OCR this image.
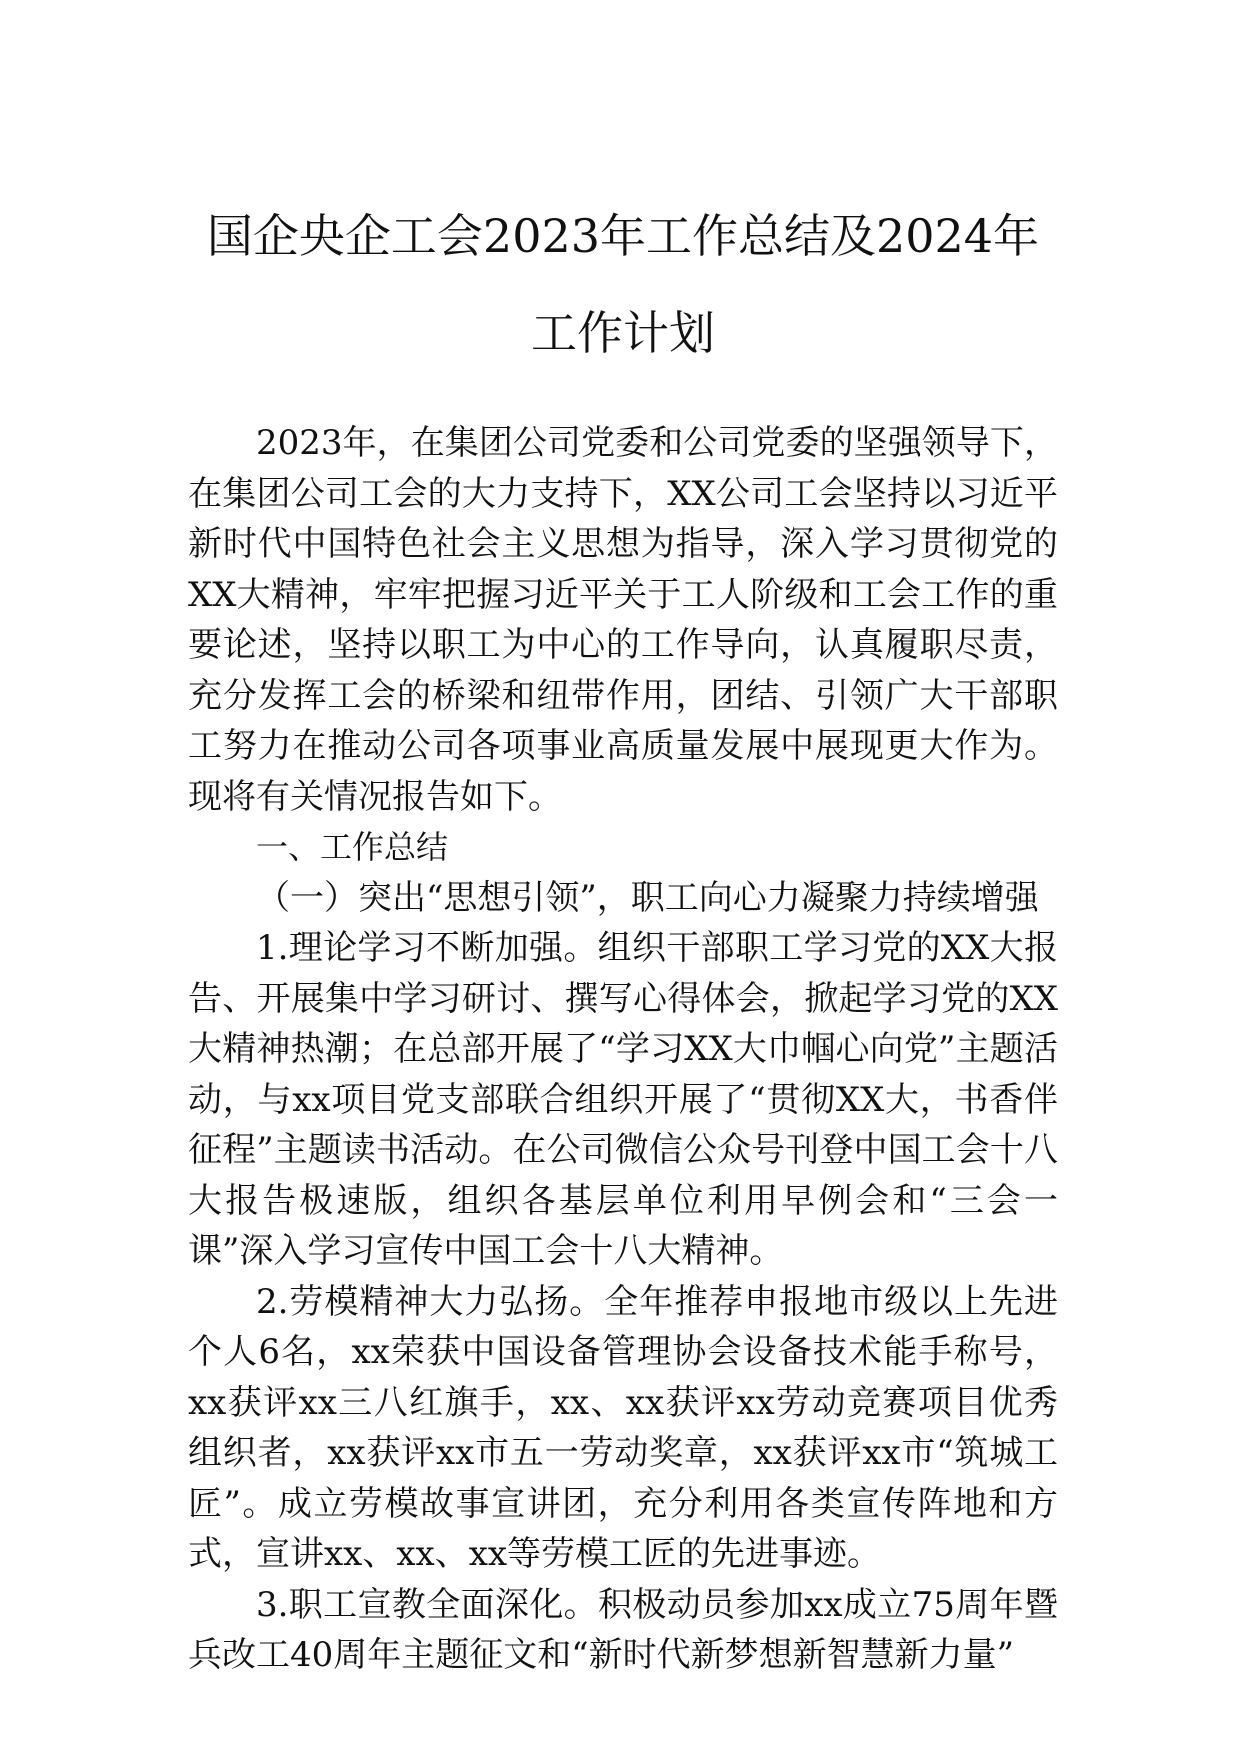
国企央企工会2023年工作总结及2024年工作计划

2023年，在集团公司党委和公司党委的坚强领导下，在集团公司工会的大力支持下，XX公司工会坚持以习近平新时代中国特色社会主义思想为指导，深入学习贯彻党的XX大精神，牢牢把握习近平关于工人阶级和工会工作的重要论述，坚持以职工为中心的工作导向，认真履职尽责，充分发挥工会的桥梁和纽带作用，团结、引领广大干部职工努力在推动公司各项事业高质量发展中展现更大作为。现将有关情况报告如下。

一、工作总结

（一）突出“思想引领”，职工向心力凝聚力持续增强

1.理论学习不断加强。组织干部职工学习党的XX大报告、开展集中学习研讨、撰写心得体会，掀起学习党的XX大精神热潮；在总部开展了“学习XX大巾帼心向党”主题活动，与xx项目党支部联合组织开展了“贯彻XX大，书香伴征程”主题读书活动。在公司微信公众号刊登中国工会十八大报告极速版，组织各基层单位利用早例会和“三会一课”深入学习宣传中国工会十八大精神。

2.劳模精神大力弘扬。全年推荐申报地市级以上先进个人6名，xx荣获中国设备管理协会设备技术能手称号，xx获评xx三八红旗手，xx、xx获评xx劳动竞赛项目优秀组织者，xx获评xx市五一劳动奖章，xx获评xx市“筑城工匠”。成立劳模故事宣讲团，充分利用各类宣传阵地和方式，宣讲xx、xx、xx等劳模工匠的先进事迹。

3.职工宣教全面深化。积极动员参加xx成立75周年暨兵改工40周年主题征文和“新时代新梦想新智慧新力量”
